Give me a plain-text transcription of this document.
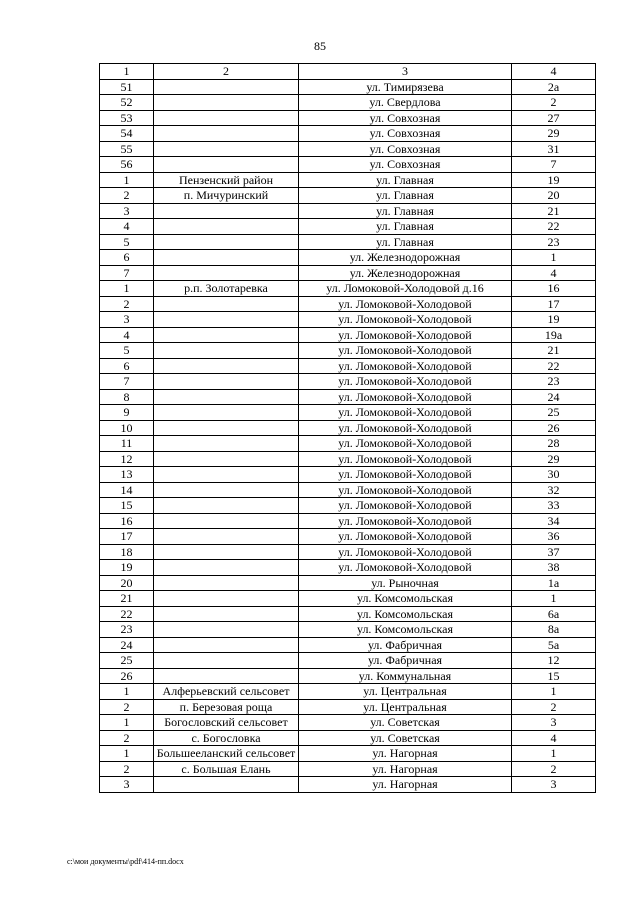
85
1	2	3	4
51		ул. Тимирязева	2а
52		ул. Свердлова	2
53		ул. Совхозная	27
54		ул. Совхозная	29
55		ул. Совхозная	31
56		ул. Совхозная	7
1	Пензенский район	ул. Главная	19
2	п. Мичуринский	ул. Главная	20
3		ул. Главная	21
4		ул. Главная	22
5		ул. Главная	23
6		ул. Железнодорожная	1
7		ул. Железнодорожная	4
1	р.п. Золотаревка	ул. Ломоковой-Холодовой д.16	16
2		ул. Ломоковой-Холодовой	17
3		ул. Ломоковой-Холодовой	19
4		ул. Ломоковой-Холодовой	19а
5		ул. Ломоковой-Холодовой	21
6		ул. Ломоковой-Холодовой	22
7		ул. Ломоковой-Холодовой	23
8		ул. Ломоковой-Холодовой	24
9		ул. Ломоковой-Холодовой	25
10		ул. Ломоковой-Холодовой	26
11		ул. Ломоковой-Холодовой	28
12		ул. Ломоковой-Холодовой	29
13		ул. Ломоковой-Холодовой	30
14		ул. Ломоковой-Холодовой	32
15		ул. Ломоковой-Холодовой	33
16		ул. Ломоковой-Холодовой	34
17		ул. Ломоковой-Холодовой	36
18		ул. Ломоковой-Холодовой	37
19		ул. Ломоковой-Холодовой	38
20		ул. Рыночная	1а
21		ул. Комсомольская	1
22		ул. Комсомольская	6а
23		ул. Комсомольская	8а
24		ул. Фабричная	5а
25		ул. Фабричная	12
26		ул. Коммунальная	15
1	Алферьевский сельсовет	ул. Центральная	1
2	п. Березовая роща	ул. Центральная	2
1	Богословский сельсовет	ул. Советская	3
2	с. Богословка	ул. Советская	4
1	Большееланский сельсовет	ул. Нагорная	1
2	с. Большая Елань	ул. Нагорная	2
3		ул. Нагорная	3
c:\мои документы\pdf\414-пп.docx
